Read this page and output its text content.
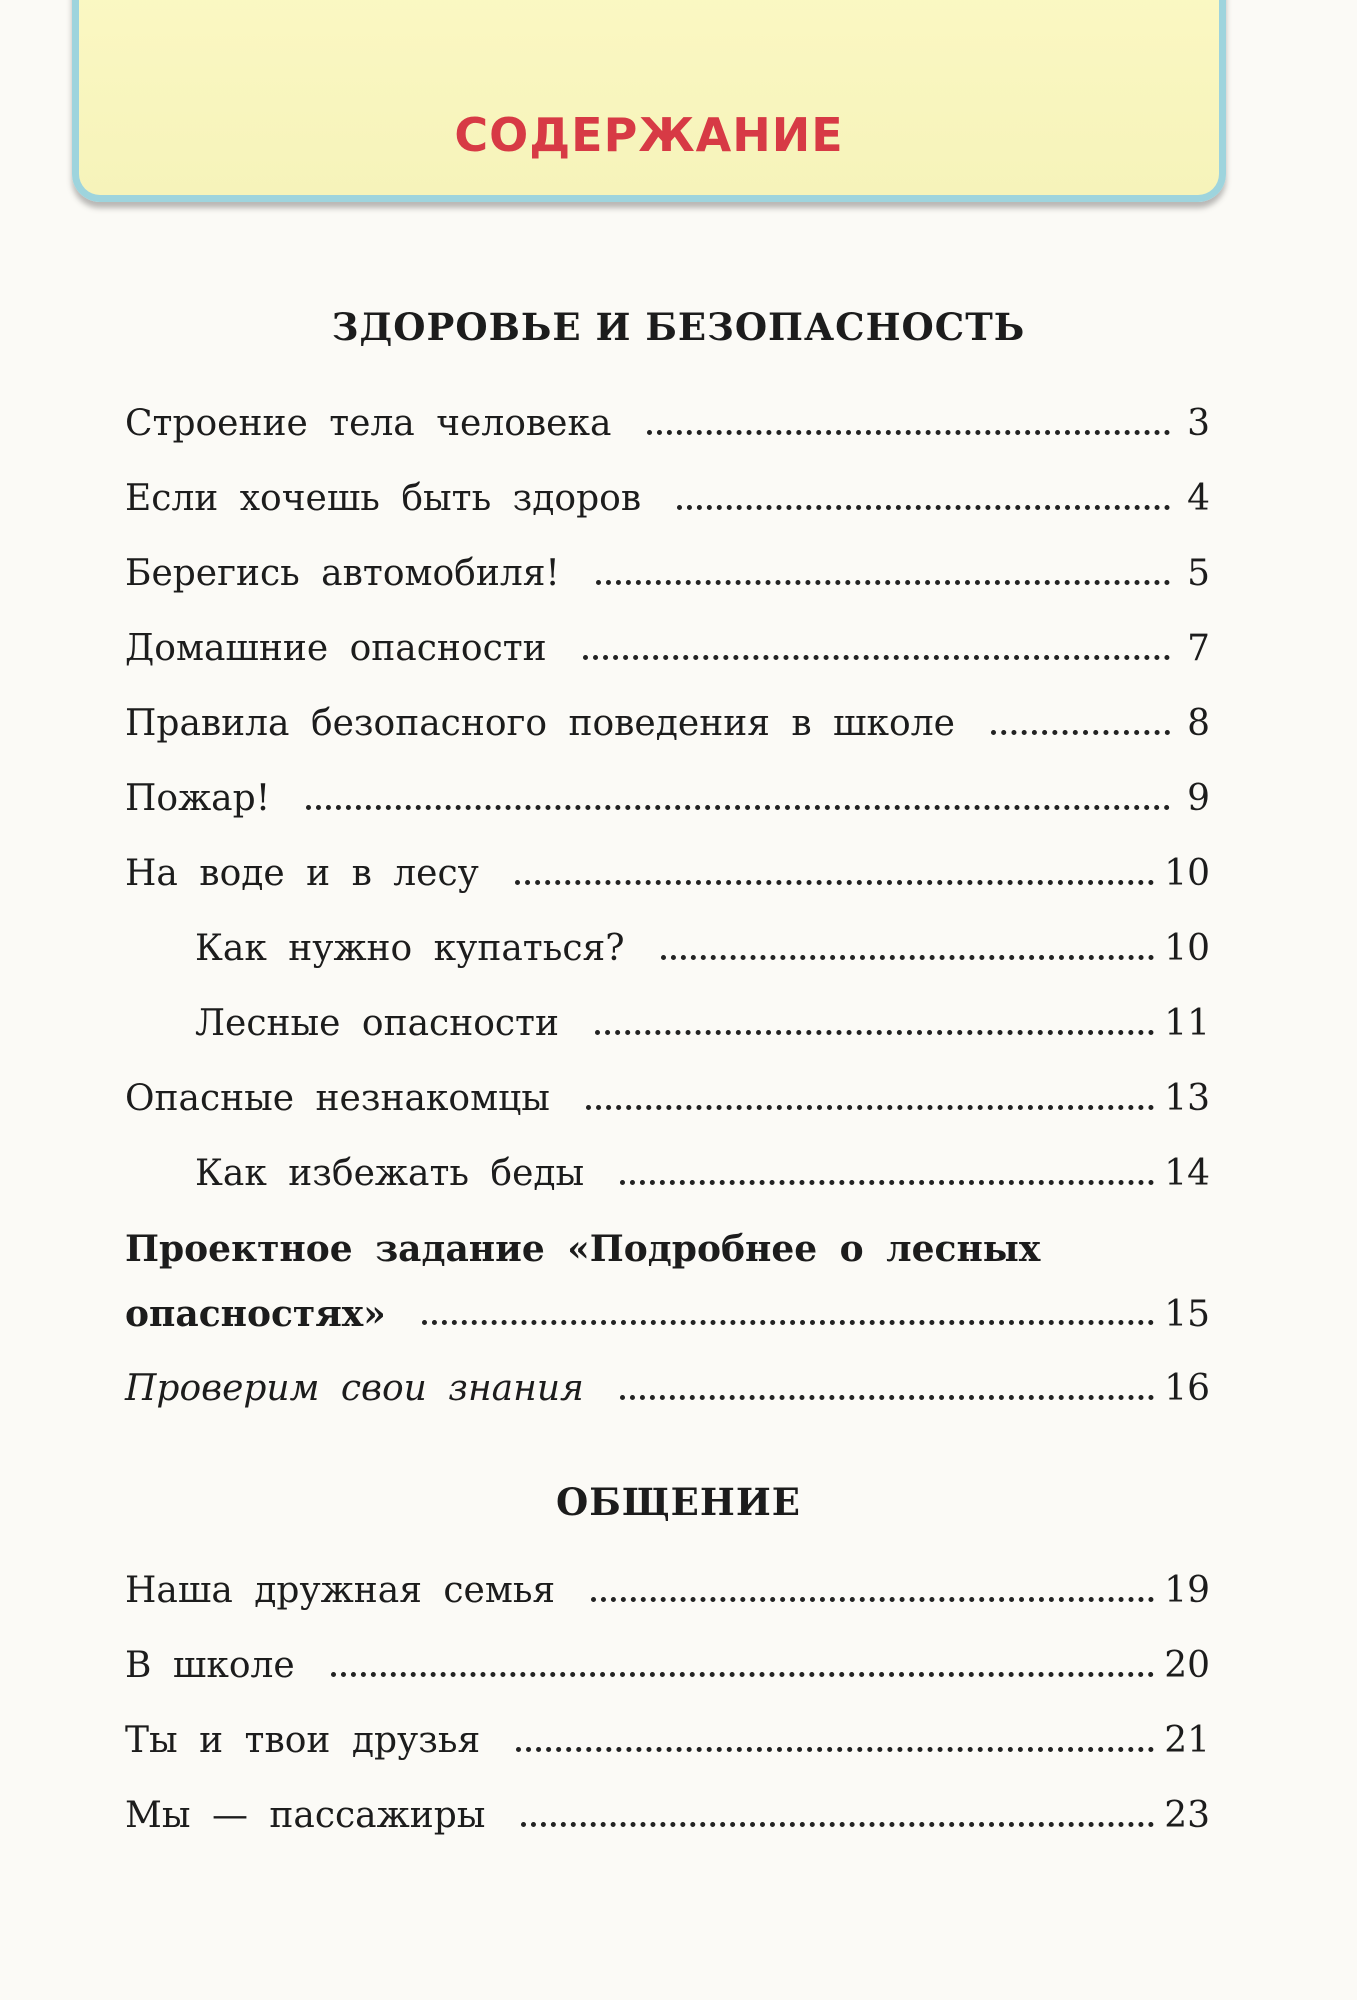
СОДЕРЖАНИЕ
ЗДОРОВЬЕ И БЕЗОПАСНОСТЬ
Строение тела человека	3
Если хочешь быть здоров	4
Берегись автомобиля!	5
Домашние опасности	7
Правила безопасного поведения в школе	8
Пожар!	9
На воде и в лесу	10
Как нужно купаться?	10
Лесные опасности	11
Опасные незнакомцы	13
Как избежать беды	14
Проектное задание «Подробнее о лесных
опасностях»	15
Проверим свои знания	16
ОБЩЕНИЕ
Наша дружная семья	19
В школе	20
Ты и твои друзья	21
Мы — пассажиры	23
